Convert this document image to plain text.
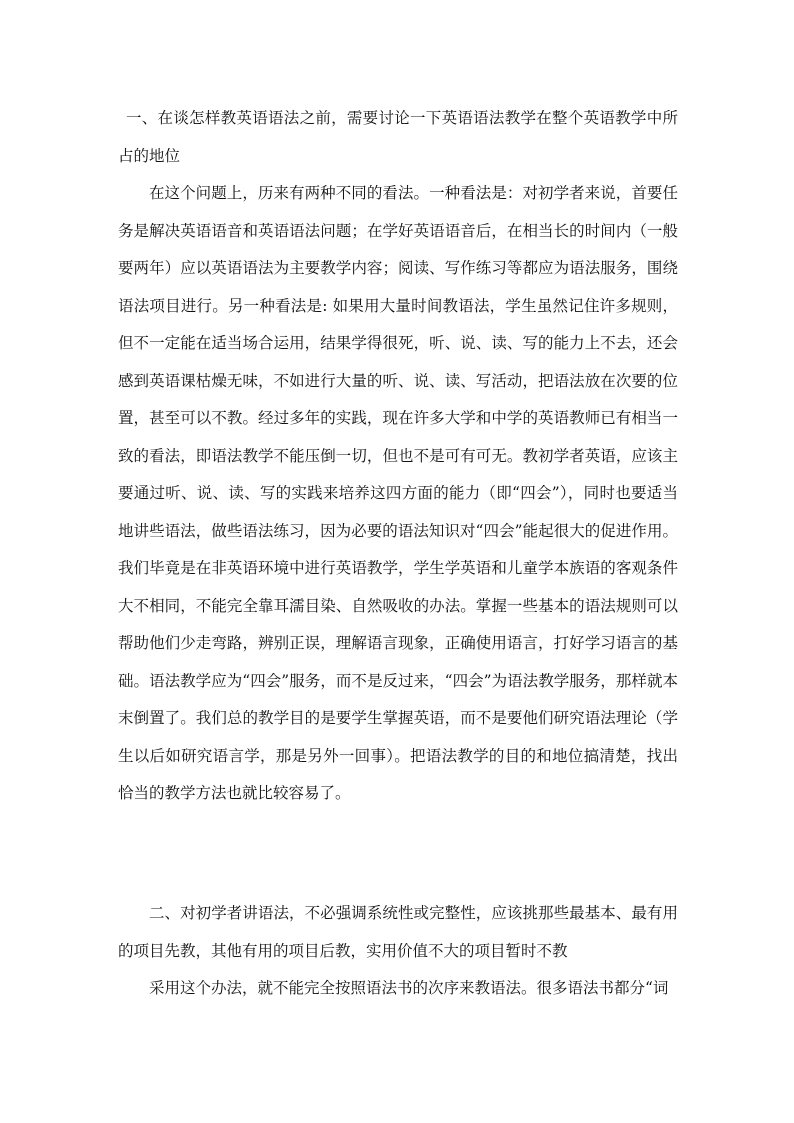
一、在谈怎样教英语语法之前，需要讨论一下英语语法教学在整个英语教学中所占的地位

在这个问题上，历来有两种不同的看法。一种看法是：对初学者来说，首要任务是解决英语语音和英语语法问题；在学好英语语音后，在相当长的时间内（一般要两年）应以英语语法为主要教学内容；阅读、写作练习等都应为语法服务，围绕语法项目进行。另一种看法是: 如果用大量时间教语法，学生虽然记住许多规则，但不一定能在适当场合运用，结果学得很死，听、说、读、写的能力上不去，还会感到英语课枯燥无味，不如进行大量的听、说、读、写活动，把语法放在次要的位置，甚至可以不教。经过多年的实践，现在许多大学和中学的英语教师已有相当一致的看法，即语法教学不能压倒一切，但也不是可有可无。教初学者英语，应该主要通过听、说、读、写的实践来培养这四方面的能力（即“四会”），同时也要适当地讲些语法，做些语法练习，因为必要的语法知识对“四会”能起很大的促进作用。我们毕竟是在非英语环境中进行英语教学，学生学英语和儿童学本族语的客观条件大不相同，不能完全靠耳濡目染、自然吸收的办法。掌握一些基本的语法规则可以帮助他们少走弯路，辨别正误，理解语言现象，正确使用语言，打好学习语言的基础。语法教学应为“四会”服务，而不是反过来，“四会”为语法教学服务，那样就本末倒置了。我们总的教学目的是要学生掌握英语，而不是要他们研究语法理论（学生以后如研究语言学，那是另外一回事）。把语法教学的目的和地位搞清楚，找出恰当的教学方法也就比较容易了。

二、对初学者讲语法，不必强调系统性或完整性，应该挑那些最基本、最有用的项目先教，其他有用的项目后教，实用价值不大的项目暂时不教

采用这个办法，就不能完全按照语法书的次序来教语法。很多语法书都分“词
